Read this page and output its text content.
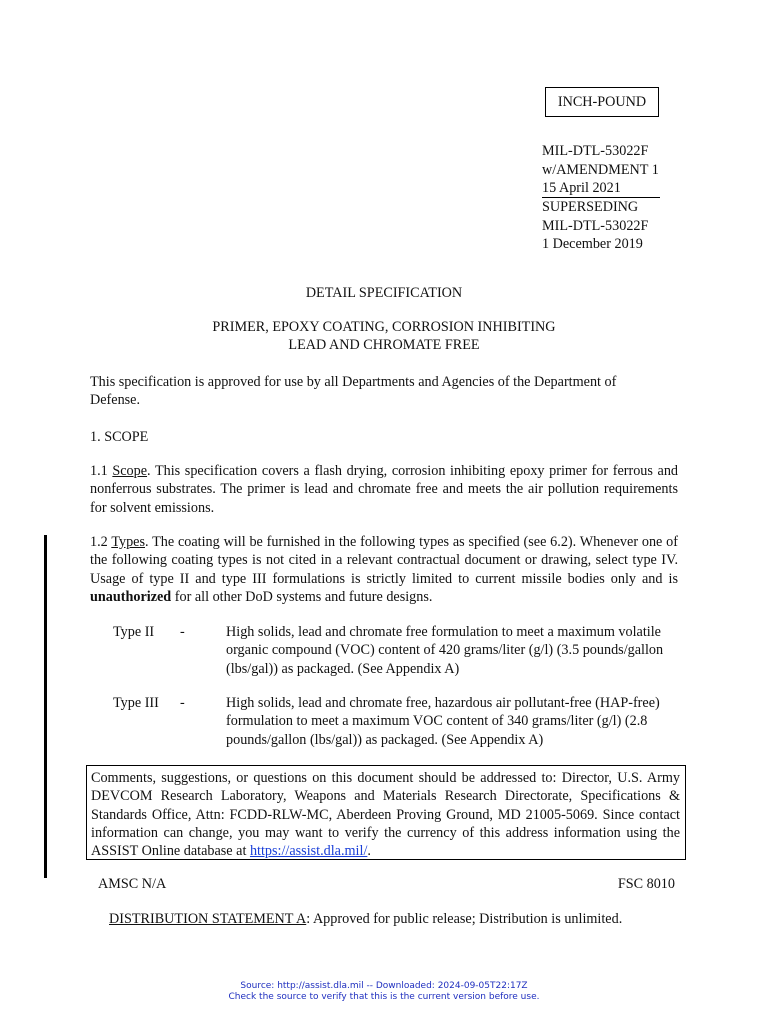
INCH-POUND
MIL-DTL-53022F
w/AMENDMENT 1
15 April 2021
SUPERSEDING
MIL-DTL-53022F
1 December 2019
DETAIL SPECIFICATION
PRIMER, EPOXY COATING, CORROSION INHIBITING
LEAD AND CHROMATE FREE
This specification is approved for use by all Departments and Agencies of the Department of Defense.
1. SCOPE

1.1 Scope. This specification covers a flash drying, corrosion inhibiting epoxy primer for ferrous and nonferrous substrates. The primer is lead and chromate free and meets the air pollution requirements for solvent emissions.

1.2 Types. The coating will be furnished in the following types as specified (see 6.2). Whenever one of the following coating types is not cited in a relevant contractual document or drawing, select type IV. Usage of type II and type III formulations is strictly limited to current missile bodies only and is unauthorized for all other DoD systems and future designs.

Type II -	High solids, lead and chromate free formulation to meet a maximum volatile organic compound (VOC) content of 420 grams/liter (g/l) (3.5 pounds/gallon (lbs/gal)) as packaged. (See Appendix A)
Type III -	High solids, lead and chromate free, hazardous air pollutant-free (HAP-free) formulation to meet a maximum VOC content of 340 grams/liter (g/l) (2.8 pounds/gallon (lbs/gal)) as packaged. (See Appendix A)
Comments, suggestions, or questions on this document should be addressed to: Director, U.S. Army DEVCOM Research Laboratory, Weapons and Materials Research Directorate, Specifications & Standards Office, Attn: FCDD-RLW-MC, Aberdeen Proving Ground, MD 21005-5069. Since contact information can change, you may want to verify the currency of this address information using the ASSIST Online database at https://assist.dla.mil/.
AMSC N/A	FSC 8010
DISTRIBUTION STATEMENT A: Approved for public release; Distribution is unlimited.
Source: http://assist.dla.mil -- Downloaded: 2024-09-05T22:17Z
Check the source to verify that this is the current version before use.
